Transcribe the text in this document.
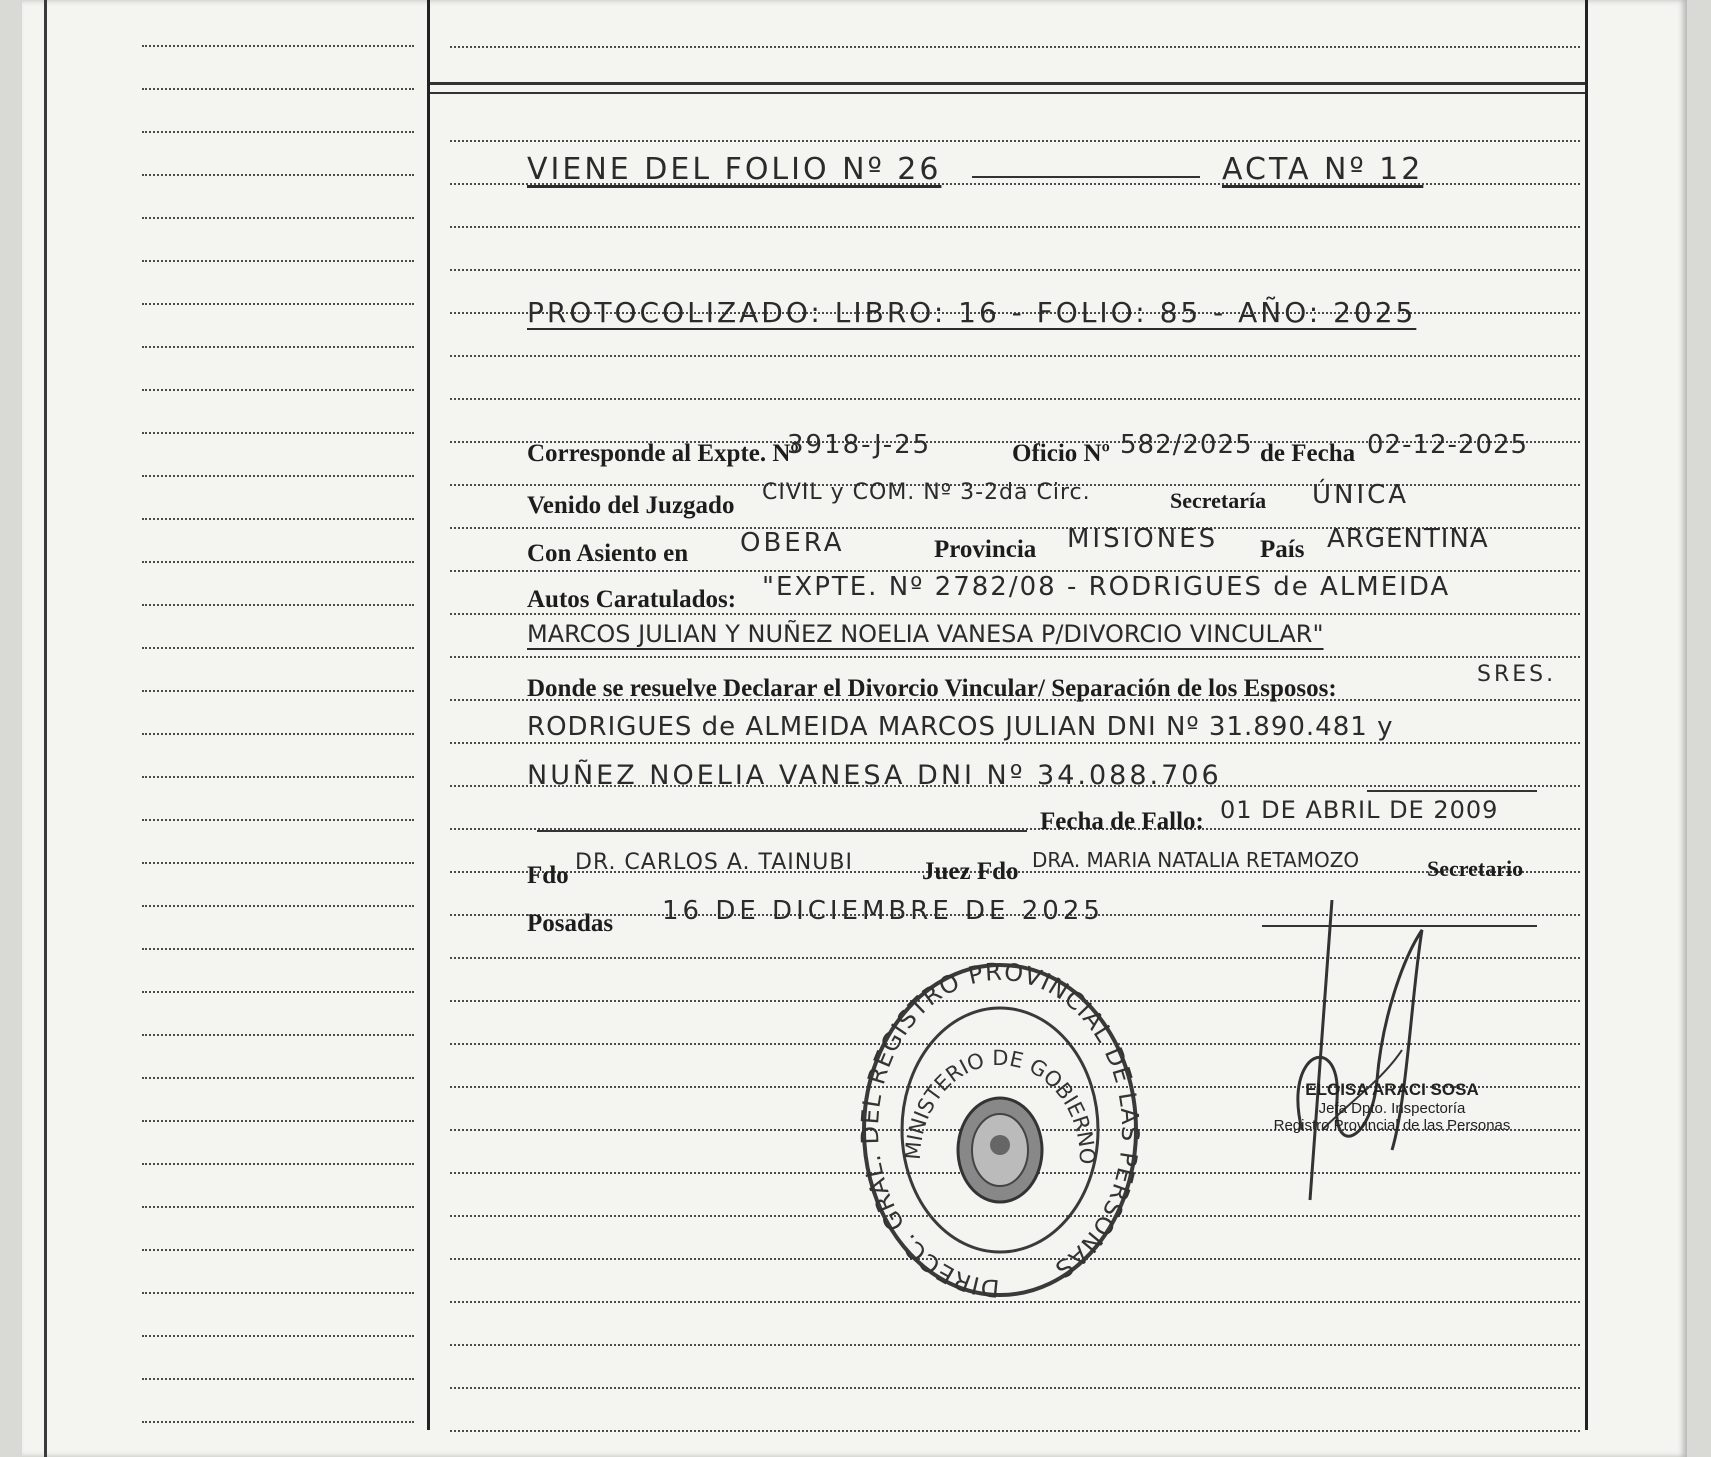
VIENE DEL FOLIO Nº 26	ACTA Nº 12
PROTOCOLIZADO: LIBRO: 16 - FOLIO: 85 - AÑO: 2025
Corresponde al Expte. Nº
3918-J-25	Oficio Nº 582/2025 de Fecha 02-12-2025
Venido del Juzgado CIVIL y COM. Nº 3-2da Circ.	Secretaría ÚNICA
Con Asiento en OBERA	Provincia MISIONES País ARGENTINA
Autos Caratulados: "EXPTE. Nº 2782/08 - RODRIGUES de ALMEIDA
MARCOS JULIAN Y NUÑEZ NOELIA VANESA P/DIVORCIO VINCULAR"
Donde se resuelve Declarar el Divorcio Vincular/ Separación de los Esposos:
SRES.
RODRIGUES de ALMEIDA MARCOS JULIAN DNI Nº 31.890.481 y
NUÑEZ NOELIA VANESA DNI Nº 34.088.706
Fecha de Fallo: 01 DE ABRIL DE 2009
Fdo DR. CARLOS A. TAINUBI	Juez Fdo DRA. MARIA NATALIA RETAMOZO	Secretario
Posadas 16 DE DICIEMBRE DE 2025
DIRECC. GRAL. L REGISTRO PROVINCIAL DE L PERSONAS
MINISTERIO DE GOBIERNO
ELOISA ARACI SOSA
Jefa Dpto. Inspectoría
Registro Provincial de las Personas
